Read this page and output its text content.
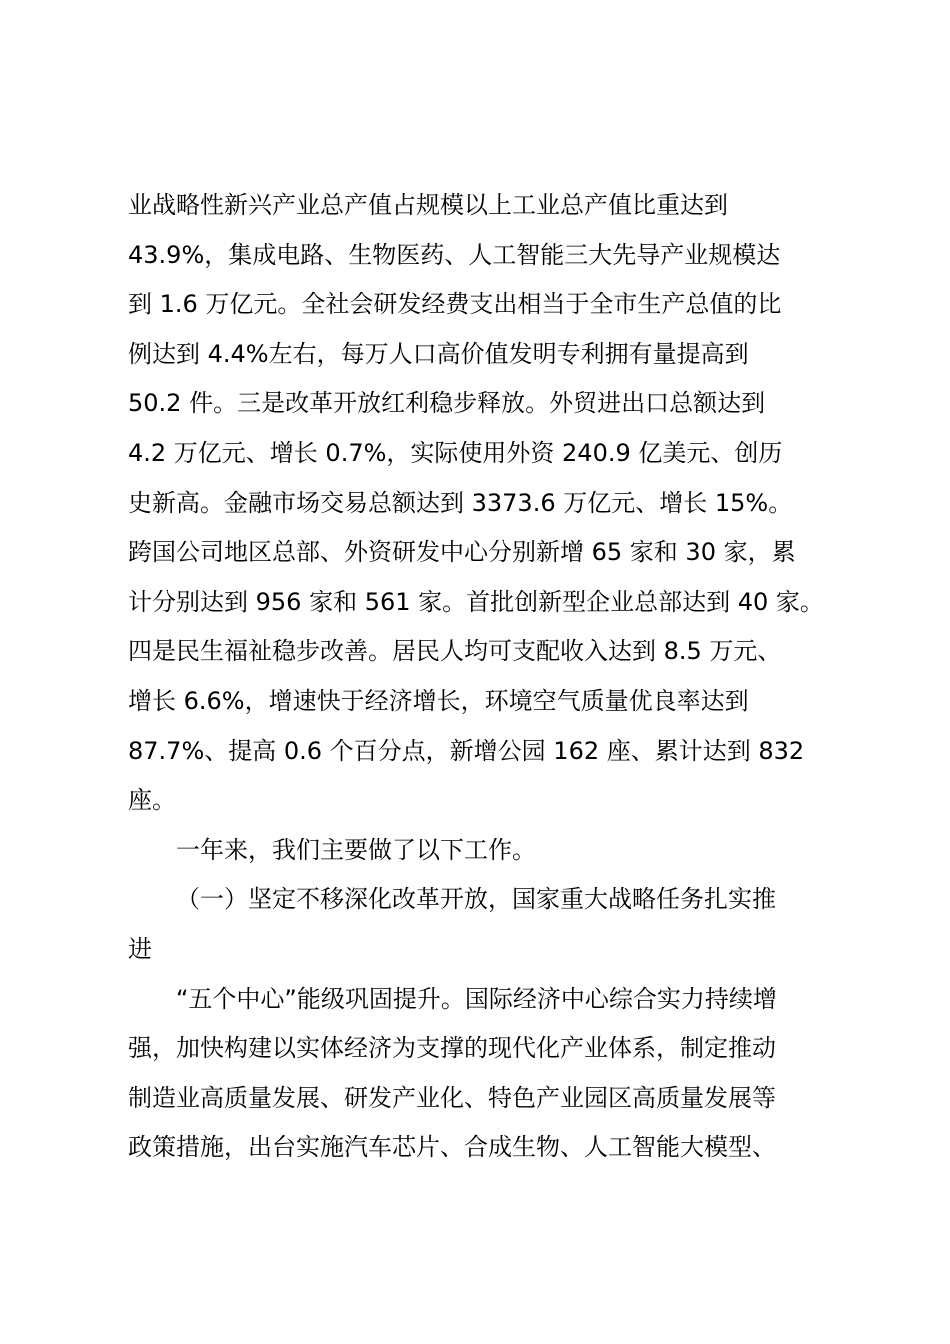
业战略性新兴产业总产值占规模以上工业总产值比重达到
43.9%，集成电路、生物医药、人工智能三大先导产业规模达
到 1.6 万亿元。全社会研发经费支出相当于全市生产总值的比
例达到 4.4%左右，每万人口高价值发明专利拥有量提高到
50.2 件。三是改革开放红利稳步释放。外贸进出口总额达到
4.2 万亿元、增长 0.7%，实际使用外资 240.9 亿美元、创历
史新高。金融市场交易总额达到 3373.6 万亿元、增长 15%。
跨国公司地区总部、外资研发中心分别新增 65 家和 30 家，累
计分别达到 956 家和 561 家。首批创新型企业总部达到 40 家。
四是民生福祉稳步改善。居民人均可支配收入达到 8.5 万元、
增长 6.6%，增速快于经济增长，环境空气质量优良率达到
87.7%、提高 0.6 个百分点，新增公园 162 座、累计达到 832
座。
一年来，我们主要做了以下工作。
（一）坚定不移深化改革开放，国家重大战略任务扎实推
进
“五个中心”能级巩固提升。国际经济中心综合实力持续增
强，加快构建以实体经济为支撑的现代化产业体系，制定推动
制造业高质量发展、研发产业化、特色产业园区高质量发展等
政策措施，出台实施汽车芯片、合成生物、人工智能大模型、
